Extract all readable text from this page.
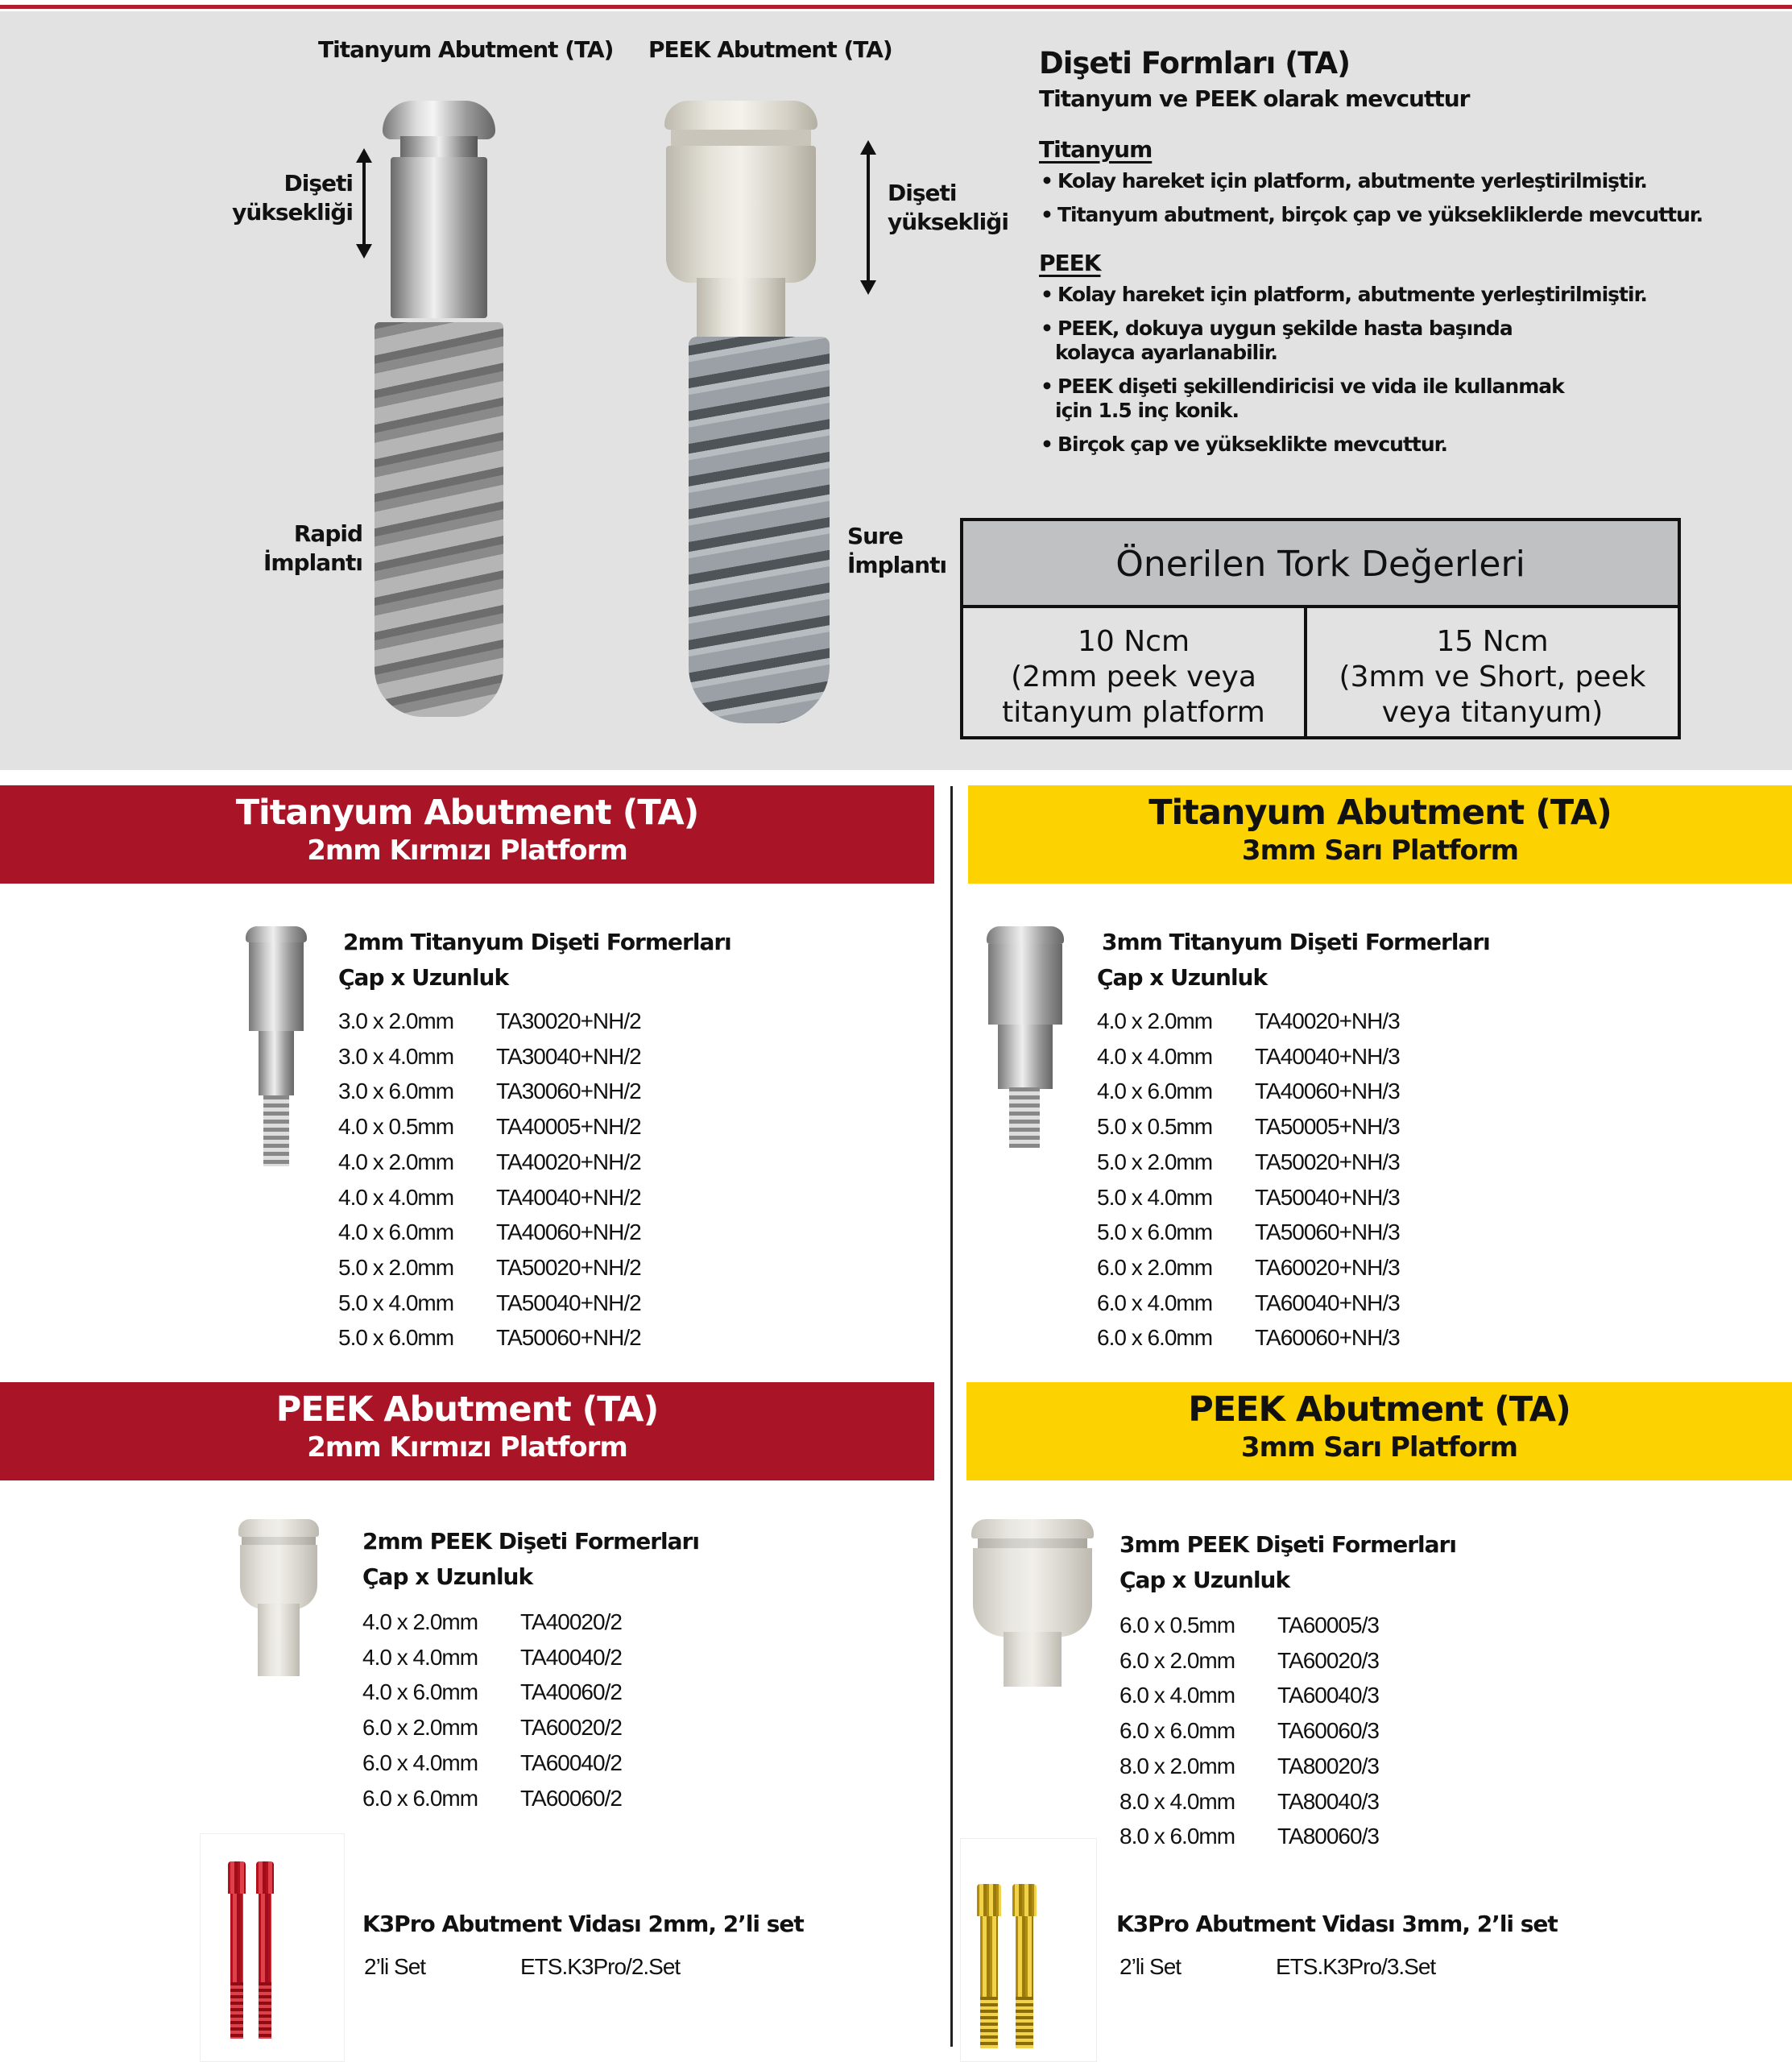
Titanyum Abutment (TA) PEEK Abutment (TA)
Dişeti
yüksekliği
Rapid
İmplantı
Dişeti
yüksekliği
Sure
İmplantı
Dişeti Formları (TA)
Titanyum ve PEEK olarak mevcuttur
Titanyum
• Kolay hareket için platform, abutmente yerleştirilmiştir.
• Titanyum abutment, birçok çap ve yüksekliklerde mevcuttur.
PEEK
• Kolay hareket için platform, abutmente yerleştirilmiştir.
• PEEK, dokuya uygun şekilde hasta başında kolayca ayarlanabilir.
• PEEK dişeti şekillendiricisi ve vida ile kullanmak için 1.5 inç konik.
• Birçok çap ve yükseklikte mevcuttur.
Önerilen Tork Değerleri
10 Ncm
(2mm peek veya
titanyum platform
15 Ncm
(3mm ve Short, peek
veya titanyum)
Titanyum Abutment (TA)
2mm Kırmızı Platform
2mm Titanyum Dişeti Formerları
Çap x Uzunluk
3.0 x 2.0mm	TA30020+NH/2
3.0 x 4.0mm	TA30040+NH/2
3.0 x 6.0mm	TA30060+NH/2
4.0 x 0.5mm	TA40005+NH/2
4.0 x 2.0mm	TA40020+NH/2
4.0 x 4.0mm	TA40040+NH/2
4.0 x 6.0mm	TA40060+NH/2
5.0 x 2.0mm	TA50020+NH/2
5.0 x 4.0mm	TA50040+NH/2
5.0 x 6.0mm	TA50060+NH/2
Titanyum Abutment (TA)
3mm Sarı Platform
3mm Titanyum Dişeti Formerları
Çap x Uzunluk
4.0 x 2.0mm	TA40020+NH/3
4.0 x 4.0mm	TA40040+NH/3
4.0 x 6.0mm	TA40060+NH/3
5.0 x 0.5mm	TA50005+NH/3
5.0 x 2.0mm	TA50020+NH/3
5.0 x 4.0mm	TA50040+NH/3
5.0 x 6.0mm	TA50060+NH/3
6.0 x 2.0mm	TA60020+NH/3
6.0 x 4.0mm	TA60040+NH/3
6.0 x 6.0mm	TA60060+NH/3
PEEK Abutment (TA)
2mm Kırmızı Platform
2mm PEEK Dişeti Formerları
Çap x Uzunluk
4.0 x 2.0mm	TA40020/2
4.0 x 4.0mm	TA40040/2
4.0 x 6.0mm	TA40060/2
6.0 x 2.0mm	TA60020/2
6.0 x 4.0mm	TA60040/2
6.0 x 6.0mm	TA60060/2
PEEK Abutment (TA)
3mm Sarı Platform
3mm PEEK Dişeti Formerları
Çap x Uzunluk
6.0 x 0.5mm	TA60005/3
6.0 x 2.0mm	TA60020/3
6.0 x 4.0mm	TA60040/3
6.0 x 6.0mm	TA60060/3
8.0 x 2.0mm	TA80020/3
8.0 x 4.0mm	TA80040/3
8.0 x 6.0mm	TA80060/3
K3Pro Abutment Vidası 2mm, 2’li set
2’li Set	ETS.K3Pro/2.Set
K3Pro Abutment Vidası 3mm, 2’li set
2’li Set	ETS.K3Pro/3.Set
